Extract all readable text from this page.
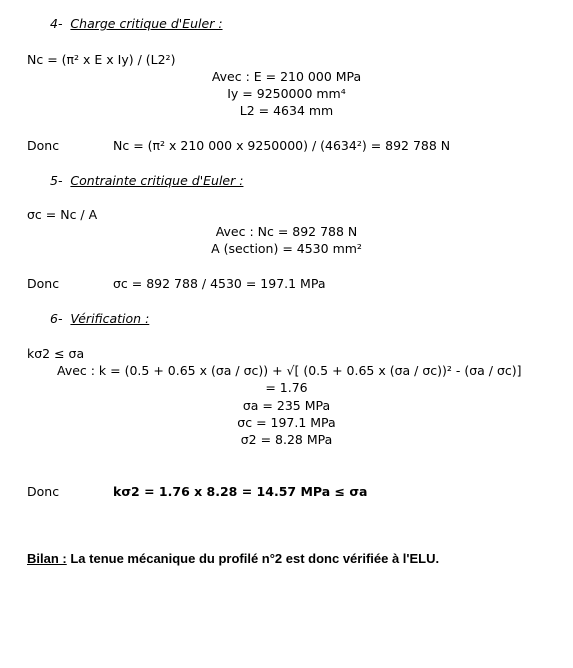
4- Charge critique d'Euler :
Nc = (π² x E x Iy) / (L2²)
Avec : E = 210 000 MPa
Iy = 9250000 mm⁴
L2 = 4634 mm
Donc	Nc = (π² x 210 000 x 9250000) / (4634²) = 892 788 N
5- Contrainte critique d'Euler :
σc = Nc / A
Avec : Nc = 892 788 N
A (section) = 4530 mm²
Donc	σc = 892 788 / 4530 = 197.1 MPa
6- Vérification :
kσ2 ≤ σa
Avec : k = (0.5 + 0.65 x (σa / σc)) + √[ (0.5 + 0.65 x (σa / σc))² - (σa / σc)]
= 1.76
σa = 235 MPa
σc = 197.1 MPa
σ2 = 8.28 MPa
Donc	kσ2 = 1.76 x 8.28 = 14.57 MPa ≤ σa
Bilan : La tenue mécanique du profilé n°2 est donc vérifiée à l'ELU.
